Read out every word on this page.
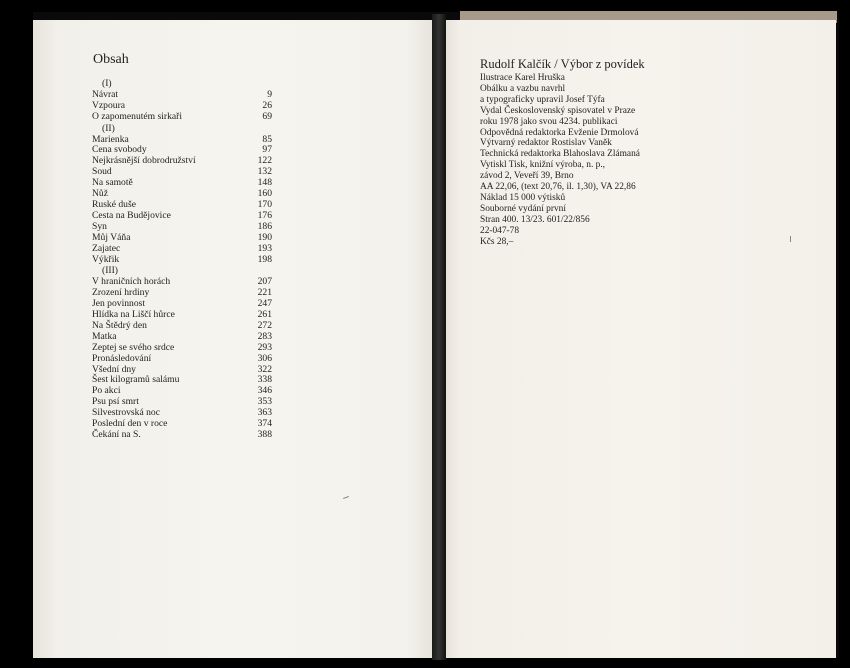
Obsah
(I)
Návrat	9
Vzpoura	26
O zapomenutém sirkaři	69
(II)
Marienka	85
Cena svobody	97
Nejkrásnější dobrodružství	122
Soud	132
Na samotě	148
Nůž	160
Ruské duše	170
Cesta na Budějovice	176
Syn	186
Můj Váňa	190
Zajatec	193
Výkřik	198
(III)
V hraničních horách	207
Zrození hrdiny	221
Jen povinnost	247
Hlídka na Liščí hůrce	261
Na Štědrý den	272
Matka	283
Zeptej se svého srdce	293
Pronásledování	306
Všední dny	322
Šest kilogramů salámu	338
Po akci	346
Psu psí smrt	353
Silvestrovská noc	363
Poslední den v roce	374
Čekání na S.	388
Rudolf Kalčík / Výbor z povídek
Ilustrace Karel Hruška
Obálku a vazbu navrhl
a typograficky upravil Josef Týfa
Vydal Československý spisovatel v Praze
roku 1978 jako svou 4234. publikaci
Odpovědná redaktorka Evženie Drmolová
Výtvarný redaktor Rostislav Vaněk
Technická redaktorka Blahoslava Zlámaná
Vytiskl Tisk, knižní výroba, n. p.,
závod 2, Veveří 39, Brno
AA 22,06, (text 20,76, il. 1,30), VA 22,86
Náklad 15 000 výtisků
Souborné vydání první
Stran 400. 13/23. 601/22/856
22-047-78
Kčs 28,–
